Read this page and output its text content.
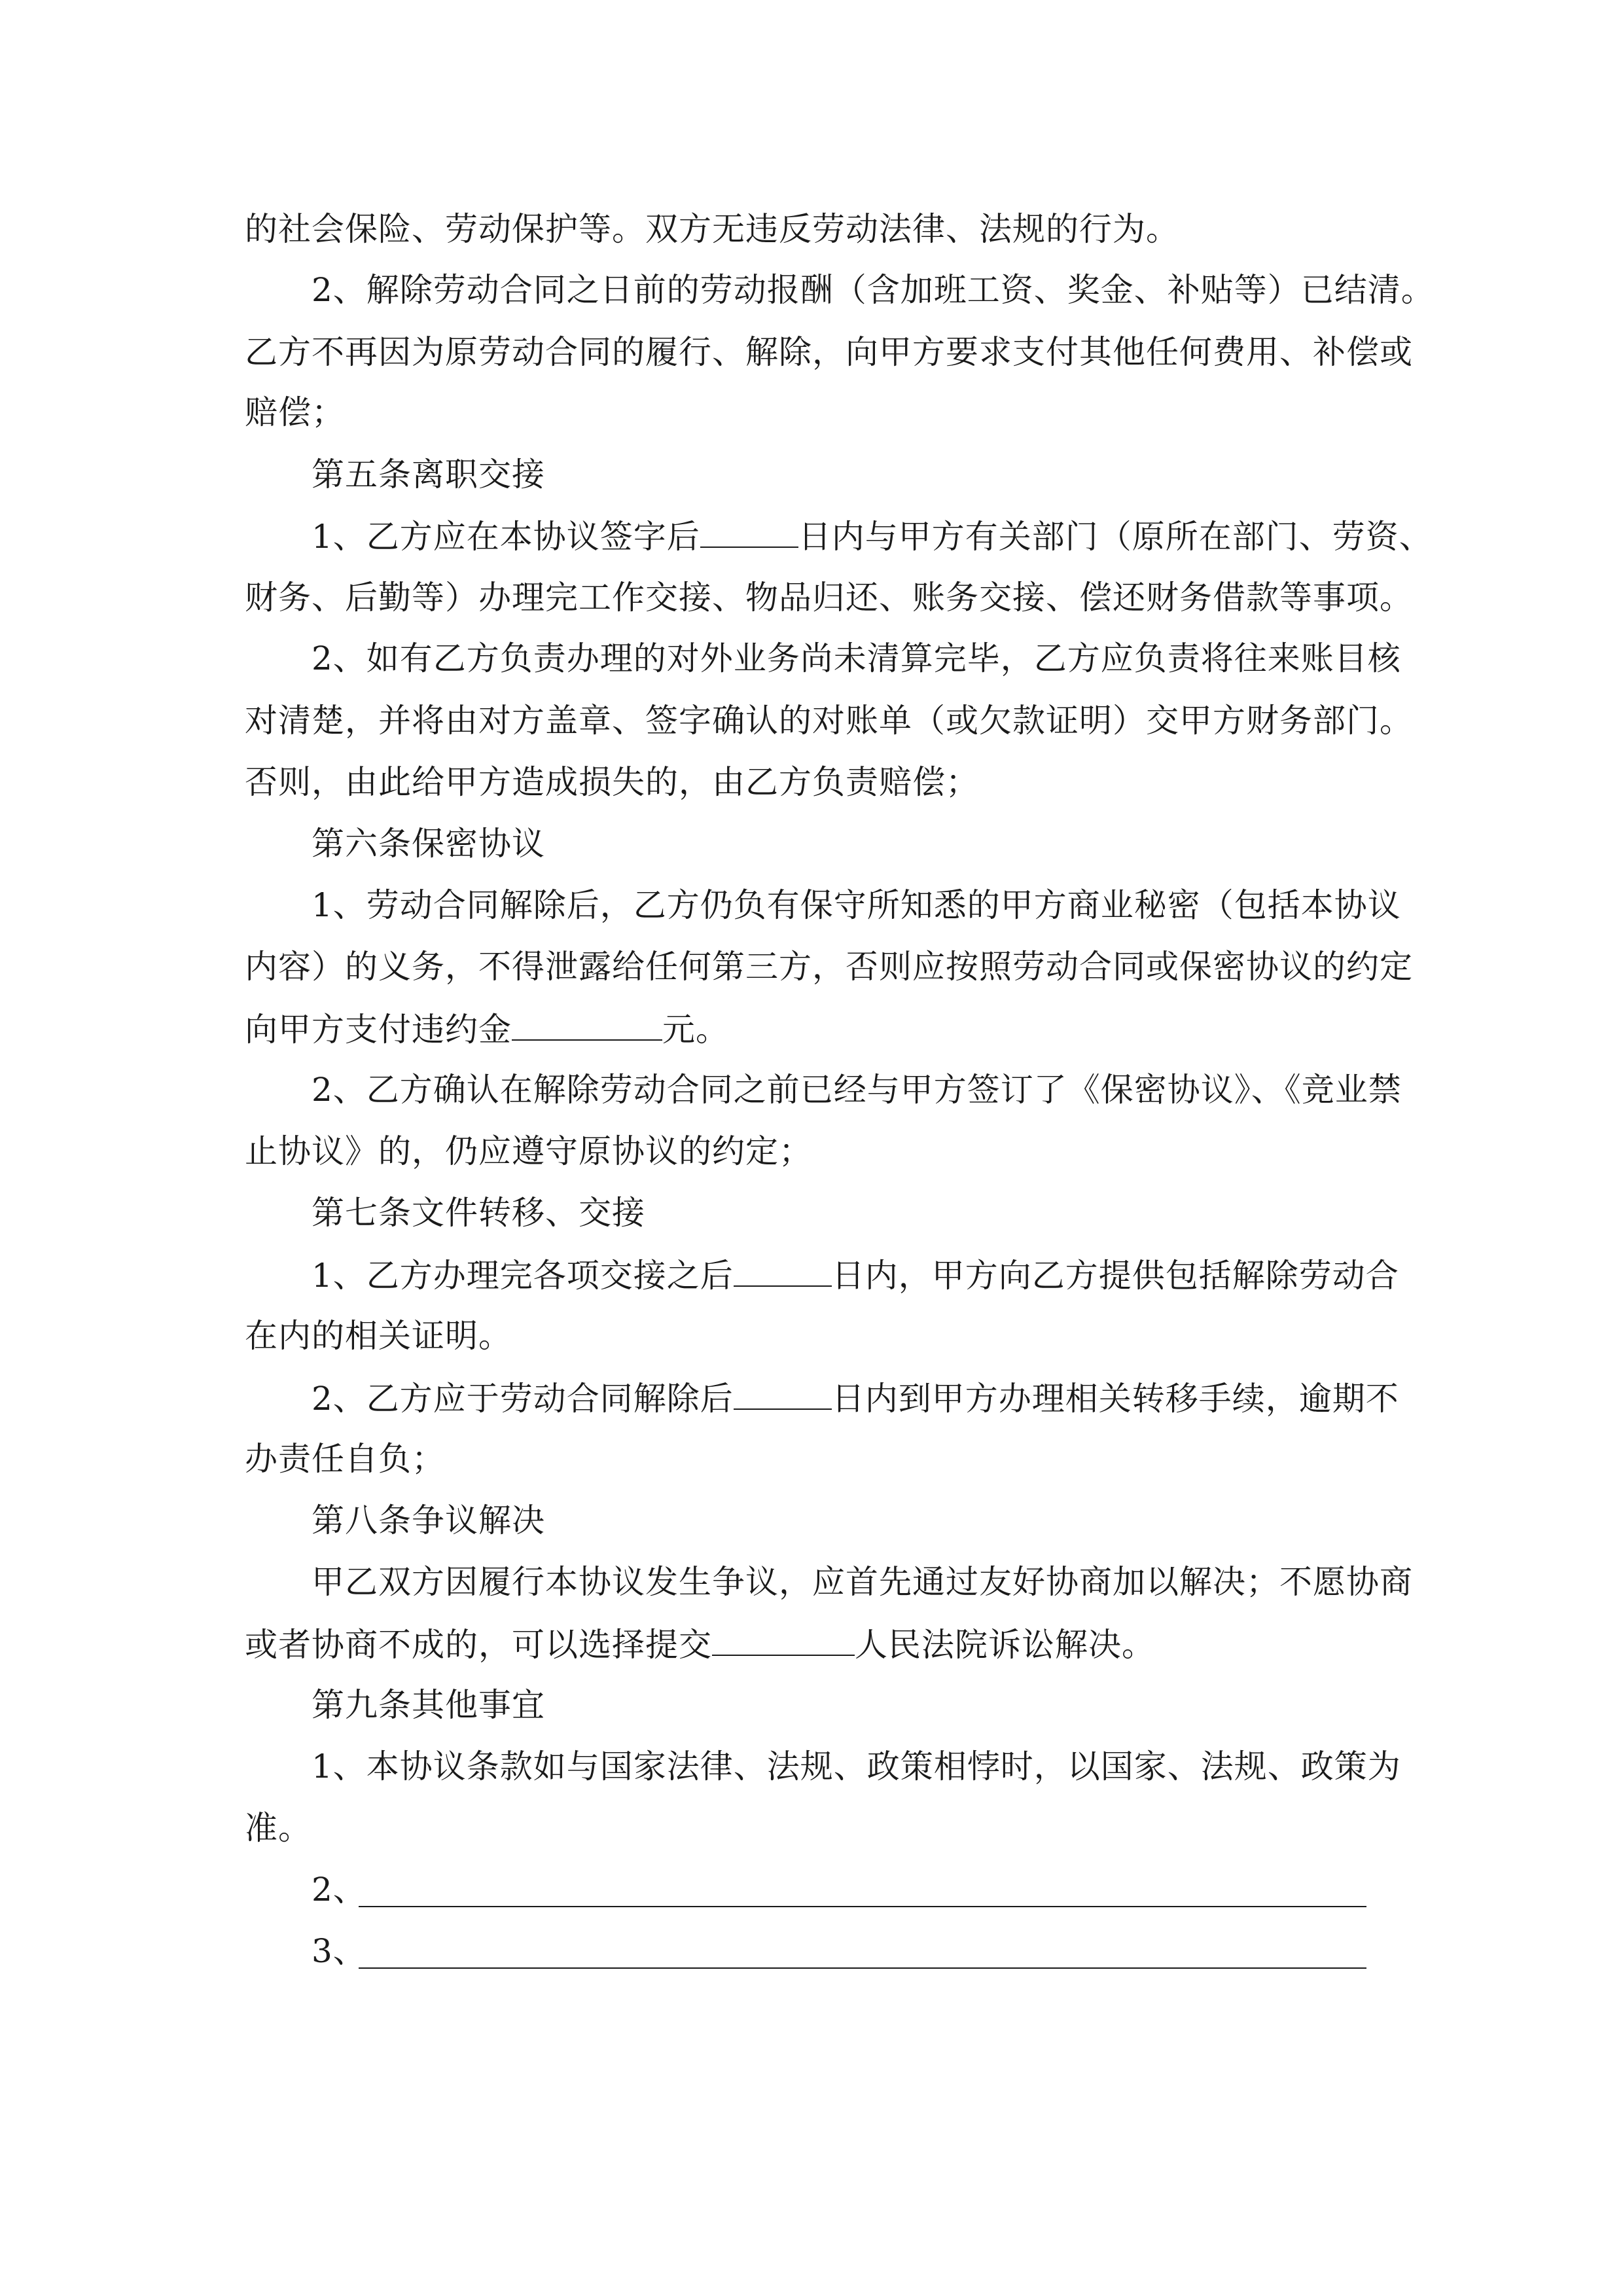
的社会保险、劳动保护等。双方无违反劳动法律、法规的行为。
2、解除劳动合同之日前的劳动报酬（含加班工资、奖金、补贴等）已结清。
乙方不再因为原劳动合同的履行、解除，向甲方要求支付其他任何费用、补偿或
赔偿；
第五条离职交接
1、乙方应在本协议签字后	日内与甲方有关部门（原所在部门、劳资、
财务、后勤等）办理完工作交接、物品归还、账务交接、偿还财务借款等事项。
2、如有乙方负责办理的对外业务尚未清算完毕，乙方应负责将往来账目核
对清楚，并将由对方盖章、签字确认的对账单（或欠款证明）交甲方财务部门。
否则，由此给甲方造成损失的，由乙方负责赔偿；
第六条保密协议
1、劳动合同解除后，乙方仍负有保守所知悉的甲方商业秘密（包括本协议
内容）的义务，不得泄露给任何第三方，否则应按照劳动合同或保密协议的约定
向甲方支付违约金	元。
2、乙方确认在解除劳动合同之前已经与甲方签订了《保密协议》、《竞业禁
止协议》的，仍应遵守原协议的约定；
第七条文件转移、交接
1、乙方办理完各项交接之后	日内，甲方向乙方提供包括解除劳动合
在内的相关证明。
2、乙方应于劳动合同解除后	日内到甲方办理相关转移手续，逾期不
办责任自负；
第八条争议解决
甲乙双方因履行本协议发生争议，应首先通过友好协商加以解决；不愿协商
或者协商不成的，可以选择提交	人民法院诉讼解决。
第九条其他事宜
1、本协议条款如与国家法律、法规、政策相悖时，以国家、法规、政策为
准。
2、
3、
